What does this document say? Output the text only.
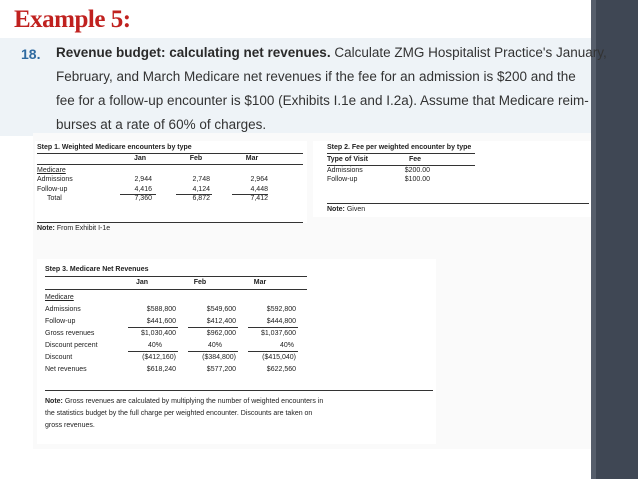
Example 5:
18. Revenue budget: calculating net revenues. Calculate ZMG Hospitalist Practice's January,
February, and March Medicare net revenues if the fee for an admission is $200 and the
fee for a follow-up encounter is $100 (Exhibits I.1e and I.2a). Assume that Medicare reim-
burses at a rate of 60% of charges.
Step 1. Weighted Medicare encounters by type
Jan	Feb	Mar
Medicare
Admissions	2,944	2,748	2,964
Follow-up	4,416	4,124	4,448
Total	7,360	6,872	7,412
Note: From Exhibit I-1e
Step 2. Fee per weighted encounter by type
Type of Visit	Fee
Admissions	$200.00
Follow-up	$100.00
Note: Given
Step 3. Medicare Net Revenues
Jan	Feb	Mar
Medicare
Admissions	$588,800	$549,600	$592,800
Follow-up	$441,600	$412,400	$444,800
Gross revenues	$1,030,400	$962,000	$1,037,600
Discount percent	40%	40%	40%
Discount	($412,160)	($384,800)	($415,040)
Net revenues	$618,240	$577,200	$622,560
Note: Gross revenues are calculated by multiplying the number of weighted encounters in
the statistics budget by the full charge per weighted encounter. Discounts are taken on
gross revenues.
